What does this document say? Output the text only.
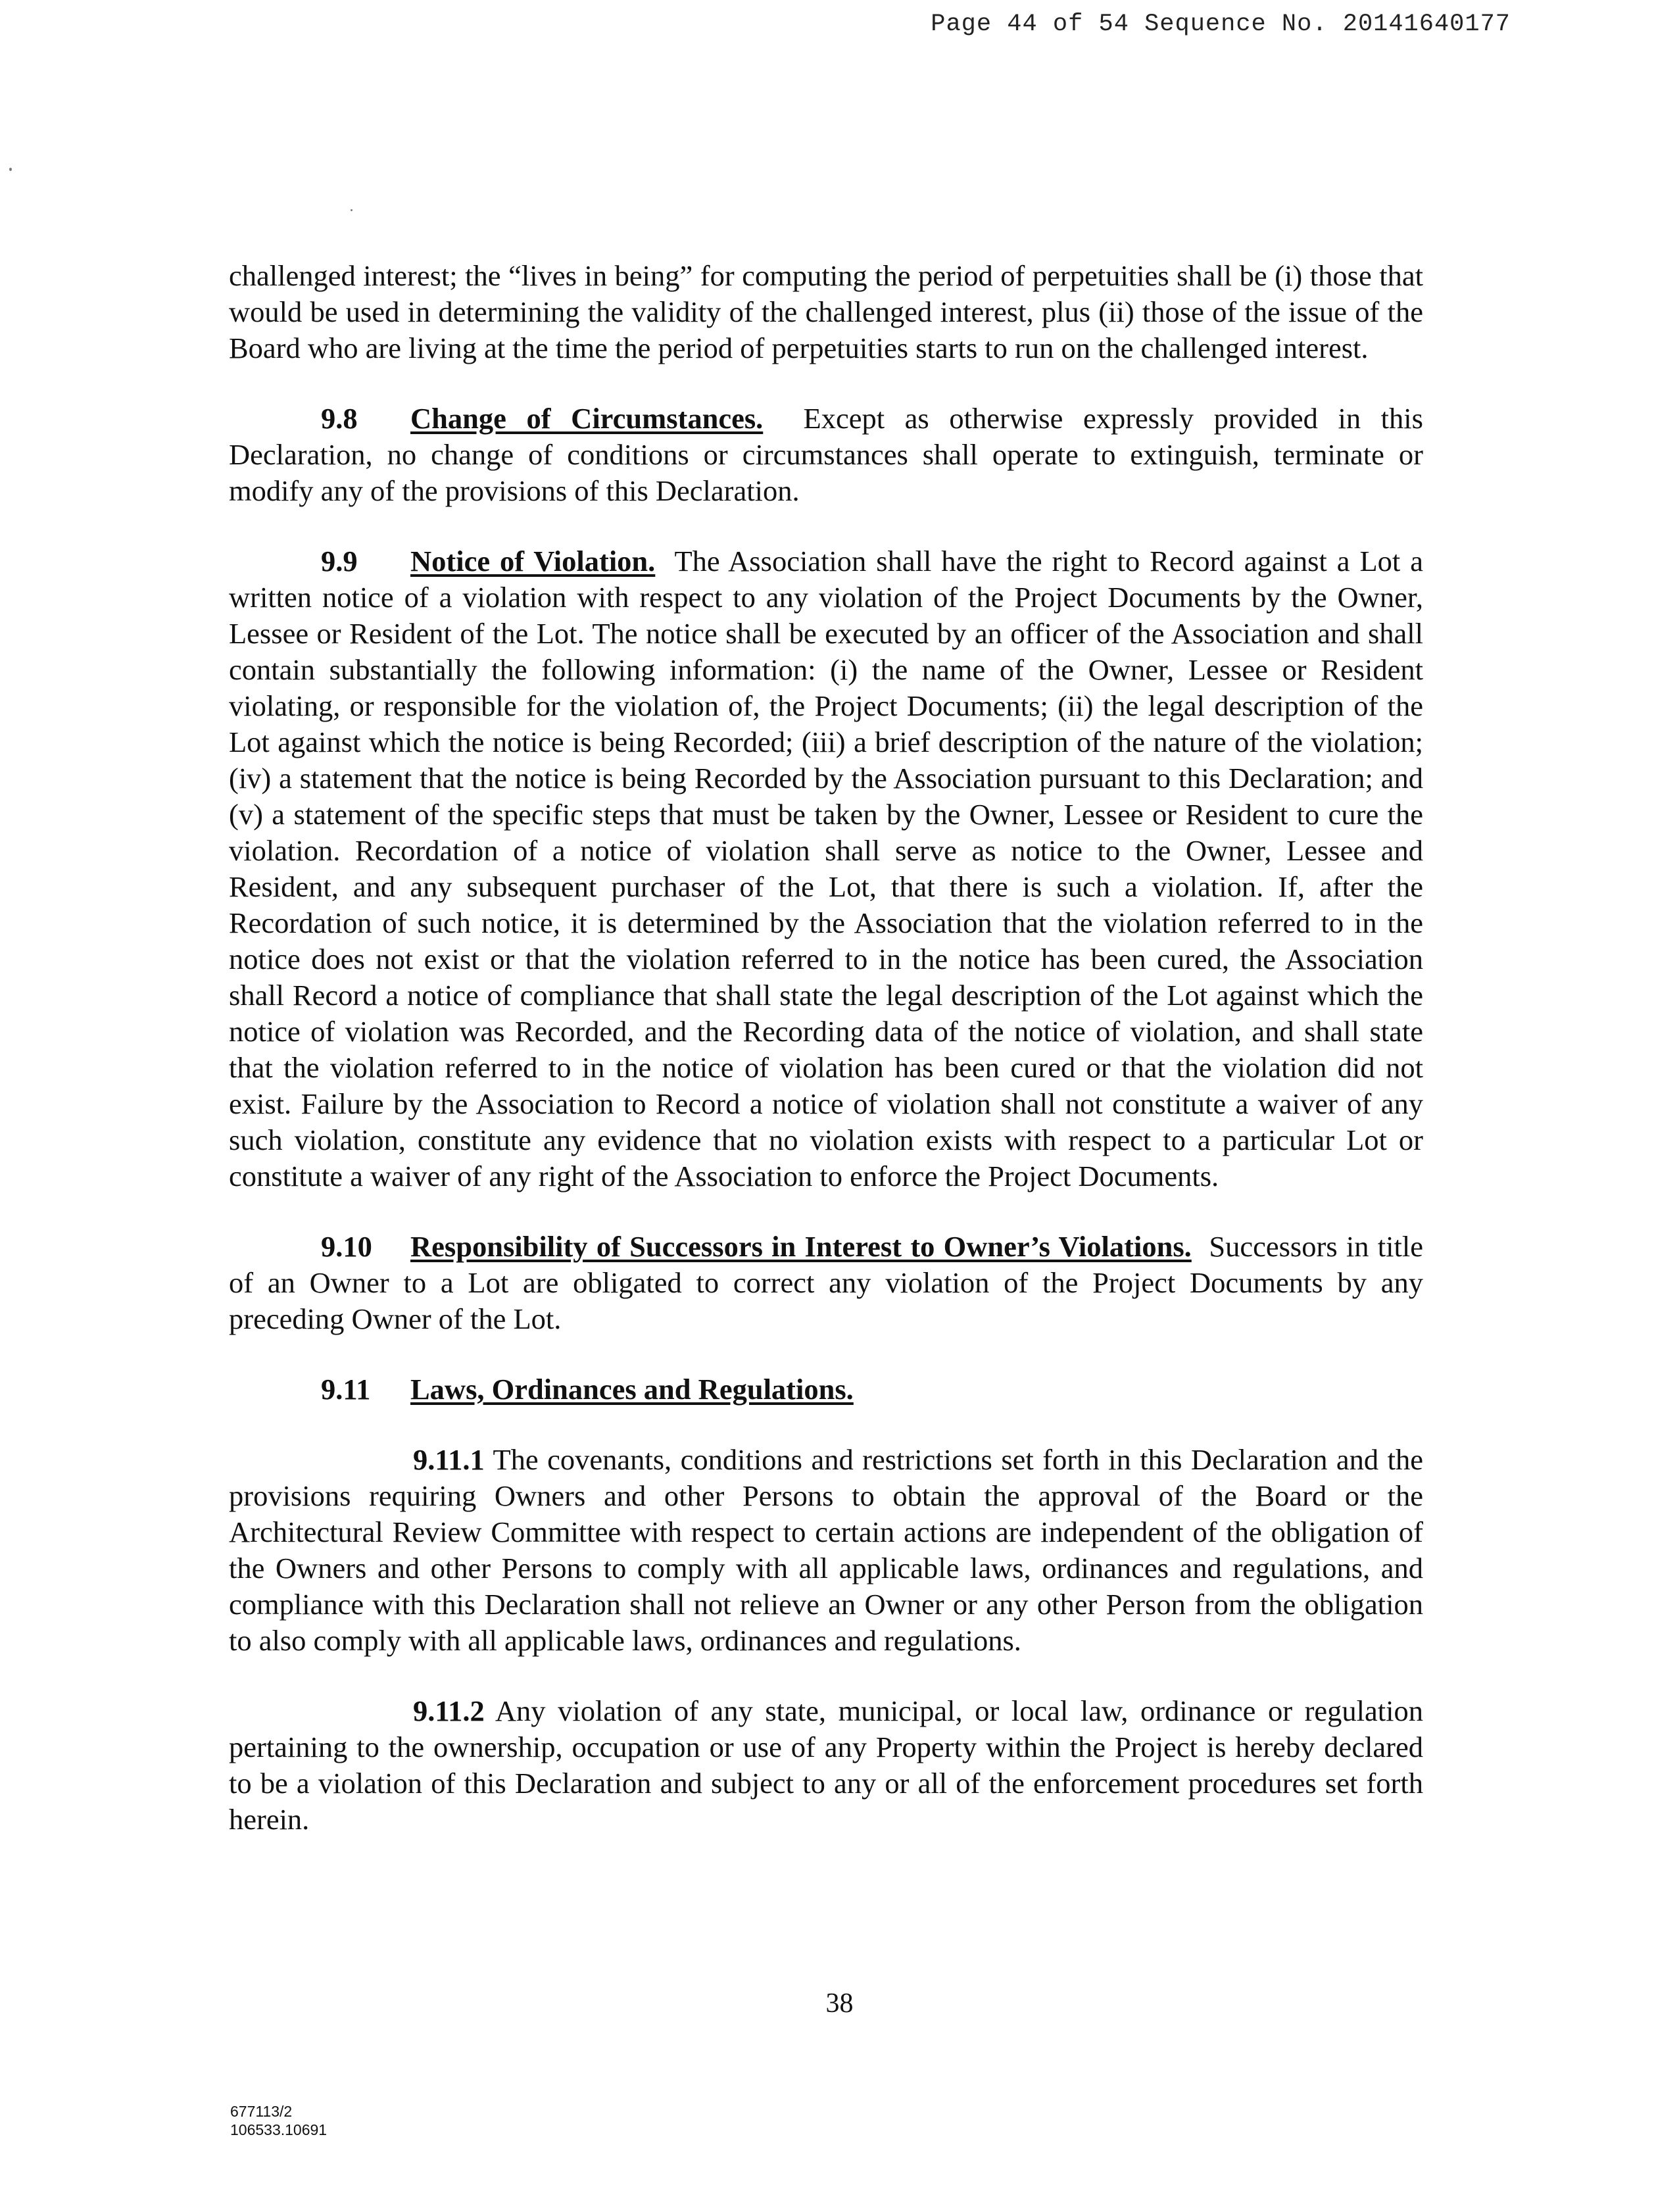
Page 44 of 54 Sequence No. 20141640177

challenged interest; the “lives in being” for computing the period of perpetuities shall be (i) those that would be used in determining the validity of the challenged interest, plus (ii) those of the issue of the Board who are living at the time the period of perpetuities starts to run on the challenged interest.

9.8 Change of Circumstances. Except as otherwise expressly provided in this Declaration, no change of conditions or circumstances shall operate to extinguish, terminate or modify any of the provisions of this Declaration.

9.9 Notice of Violation. The Association shall have the right to Record against a Lot a written notice of a violation with respect to any violation of the Project Documents by the Owner, Lessee or Resident of the Lot. The notice shall be executed by an officer of the Association and shall contain substantially the following information: (i) the name of the Owner, Lessee or Resident violating, or responsible for the violation of, the Project Documents; (ii) the legal description of the Lot against which the notice is being Recorded; (iii) a brief description of the nature of the violation; (iv) a statement that the notice is being Recorded by the Association pursuant to this Declaration; and (v) a statement of the specific steps that must be taken by the Owner, Lessee or Resident to cure the violation. Recordation of a notice of violation shall serve as notice to the Owner, Lessee and Resident, and any subsequent purchaser of the Lot, that there is such a violation. If, after the Recordation of such notice, it is determined by the Association that the violation referred to in the notice does not exist or that the violation referred to in the notice has been cured, the Association shall Record a notice of compliance that shall state the legal description of the Lot against which the notice of violation was Recorded, and the Recording data of the notice of violation, and shall state that the violation referred to in the notice of violation has been cured or that the violation did not exist. Failure by the Association to Record a notice of violation shall not constitute a waiver of any such violation, constitute any evidence that no violation exists with respect to a particular Lot or constitute a waiver of any right of the Association to enforce the Project Documents.

9.10 Responsibility of Successors in Interest to Owner’s Violations. Successors in title of an Owner to a Lot are obligated to correct any violation of the Project Documents by any preceding Owner of the Lot.

9.11 Laws, Ordinances and Regulations.

9.11.1 The covenants, conditions and restrictions set forth in this Declaration and the provisions requiring Owners and other Persons to obtain the approval of the Board or the Architectural Review Committee with respect to certain actions are independent of the obligation of the Owners and other Persons to comply with all applicable laws, ordinances and regulations, and compliance with this Declaration shall not relieve an Owner or any other Person from the obligation to also comply with all applicable laws, ordinances and regulations.

9.11.2 Any violation of any state, municipal, or local law, ordinance or regulation pertaining to the ownership, occupation or use of any Property within the Project is hereby declared to be a violation of this Declaration and subject to any or all of the enforcement procedures set forth herein.

38
677113/2
106533.10691
